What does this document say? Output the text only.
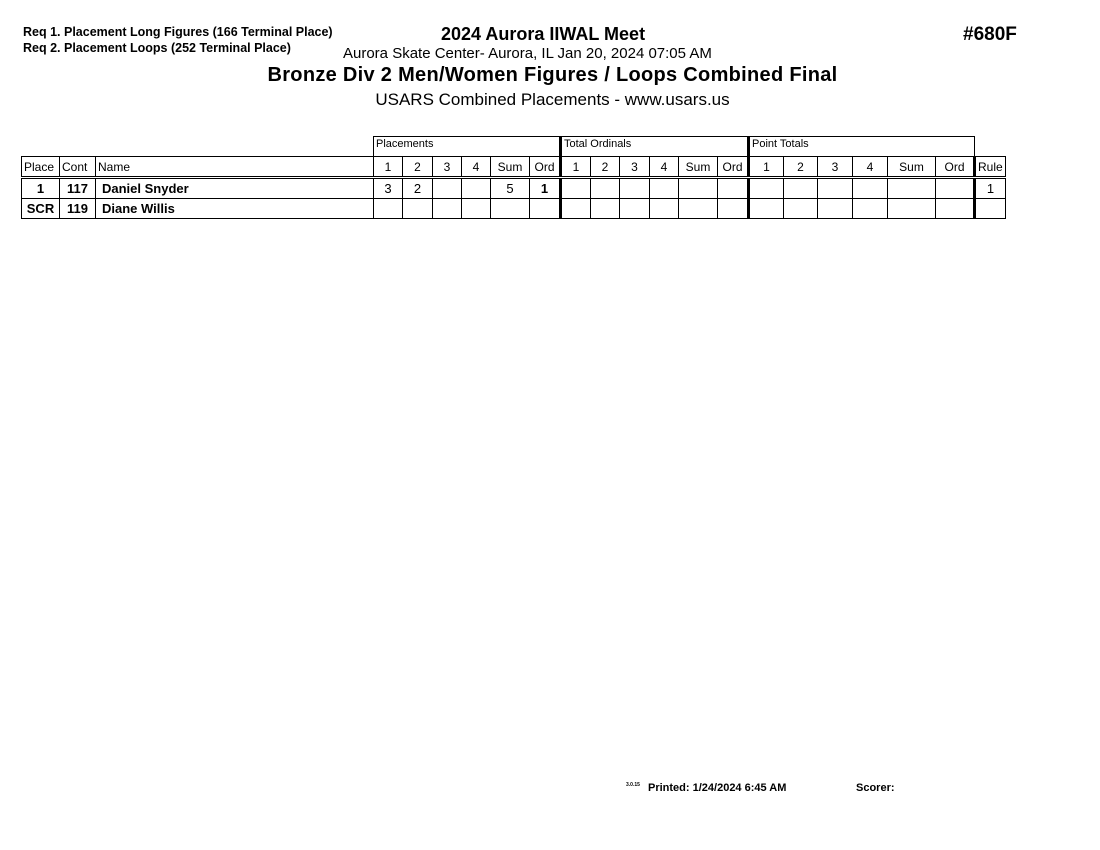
Req 1. Placement Long Figures (166 Terminal Place)
Req 2. Placement Loops (252 Terminal Place)
2024 Aurora IIWAL Meet
Aurora Skate Center- Aurora, IL Jan 20, 2024 07:05 AM
Bronze Div 2 Men/Women Figures / Loops Combined Final
USARS Combined Placements - www.usars.us
#680F
			Placements						Total Ordinals						Point Totals						
Place	Cont	Name	1	2	3	4	Sum	Ord	1	2	3	4	Sum	Ord	1	2	3	4	Sum	Ord	Rule
1	117	Daniel Snyder	3	2			5	1													1
SCR	119	Diane Willis																			
3.0.15 Printed: 1/24/2024 6:45 AM	Scorer:
